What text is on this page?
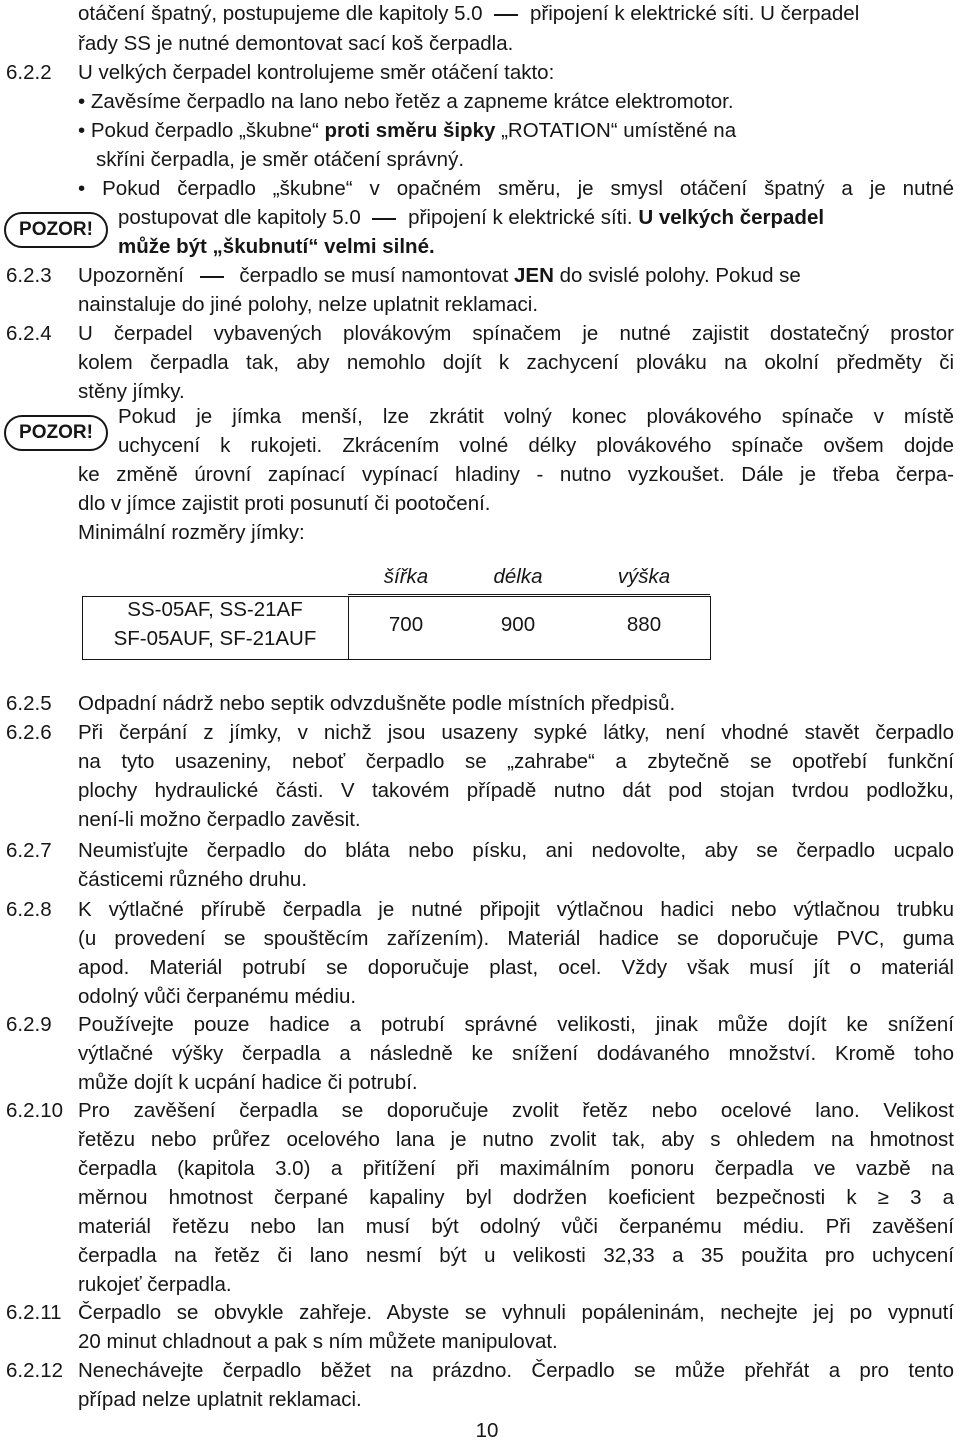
otáčení špatný, postupujeme dle kapitoly 5.0 připojení k elektrické síti. U čerpadel
řady SS je nutné demontovat sací koš čerpadla.
6.2.2 U velkých čerpadel kontrolujeme směr otáčení takto:
• Zavěsíme čerpadlo na lano nebo řetěz a zapneme krátce elektromotor.
• Pokud čerpadlo „škubne“ proti směru šipky „ROTATION“ umístěné na
skříni čerpadla, je směr otáčení správný.
• Pokud čerpadlo „škubne“ v opačném směru, je smysl otáčení špatný a je nutné
POZOR!
postupovat dle kapitoly 5.0 připojení k elektrické síti. U velkých čerpadel
může být „škubnutí“ velmi silné.
6.2.3 Upozornění	čerpadlo se musí namontovat JEN do svislé polohy. Pokud se
nainstaluje do jiné polohy, nelze uplatnit reklamaci.
6.2.4 U čerpadel vybavených plovákovým spínačem je nutné zajistit dostatečný prostor
kolem čerpadla tak, aby nemohlo dojít k zachycení plováku na okolní předměty či
stěny jímky.
POZOR!
Pokud je jímka menší, lze zkrátit volný konec plovákového spínače v místě
uchycení k rukojeti. Zkrácením volné délky plovákového spínače ovšem dojde
ke změně úrovní zapínací vypínací hladiny - nutno vyzkoušet. Dále je třeba čerpa-
dlo v jímce zajistit proti posunutí či pootočení.
Minimální rozměry jímky:
šířka	délka	výška
SS-05AF, SS-21AF
SF-05AUF, SF-21AUF
700	900	880
6.2.5 Odpadní nádrž nebo septik odvzdušněte podle místních předpisů.
6.2.6 Při čerpání z jímky, v nichž jsou usazeny sypké látky, není vhodné stavět čerpadlo
na tyto usazeniny, neboť čerpadlo se „zahrabe“ a zbytečně se opotřebí funkční
plochy hydraulické části. V takovém případě nutno dát pod stojan tvrdou podložku,
není-li možno čerpadlo zavěsit.
6.2.7 Neumisťujte čerpadlo do bláta nebo písku, ani nedovolte, aby se čerpadlo ucpalo
částicemi různého druhu.
6.2.8 K výtlačné přírubě čerpadla je nutné připojit výtlačnou hadici nebo výtlačnou trubku
(u provedení se spouštěcím zařízením). Materiál hadice se doporučuje PVC, guma
apod. Materiál potrubí se doporučuje plast, ocel. Vždy však musí jít o materiál
odolný vůči čerpanému médiu.
6.2.9 Používejte pouze hadice a potrubí správné velikosti, jinak může dojít ke snížení
výtlačné výšky čerpadla a následně ke snížení dodávaného množství. Kromě toho
může dojít k ucpání hadice či potrubí.
6.2.10 Pro zavěšení čerpadla se doporučuje zvolit řetěz nebo ocelové lano. Velikost
řetězu nebo průřez ocelového lana je nutno zvolit tak, aby s ohledem na hmotnost
čerpadla (kapitola 3.0) a přitížení při maximálním ponoru čerpadla ve vazbě na
měrnou hmotnost čerpané kapaliny byl dodržen koeficient bezpečnosti k ≥ 3 a
materiál řetězu nebo lan musí být odolný vůči čerpanému médiu. Při zavěšení
čerpadla na řetěz či lano nesmí být u velikosti 32,33 a 35 použita pro uchycení
rukojeť čerpadla.
6.2.11 Čerpadlo se obvykle zahřeje. Abyste se vyhnuli popáleninám, nechejte jej po vypnutí
20 minut chladnout a pak s ním můžete manipulovat.
6.2.12 Nenechávejte čerpadlo běžet na prázdno. Čerpadlo se může přehřát a pro tento
případ nelze uplatnit reklamaci.
10
